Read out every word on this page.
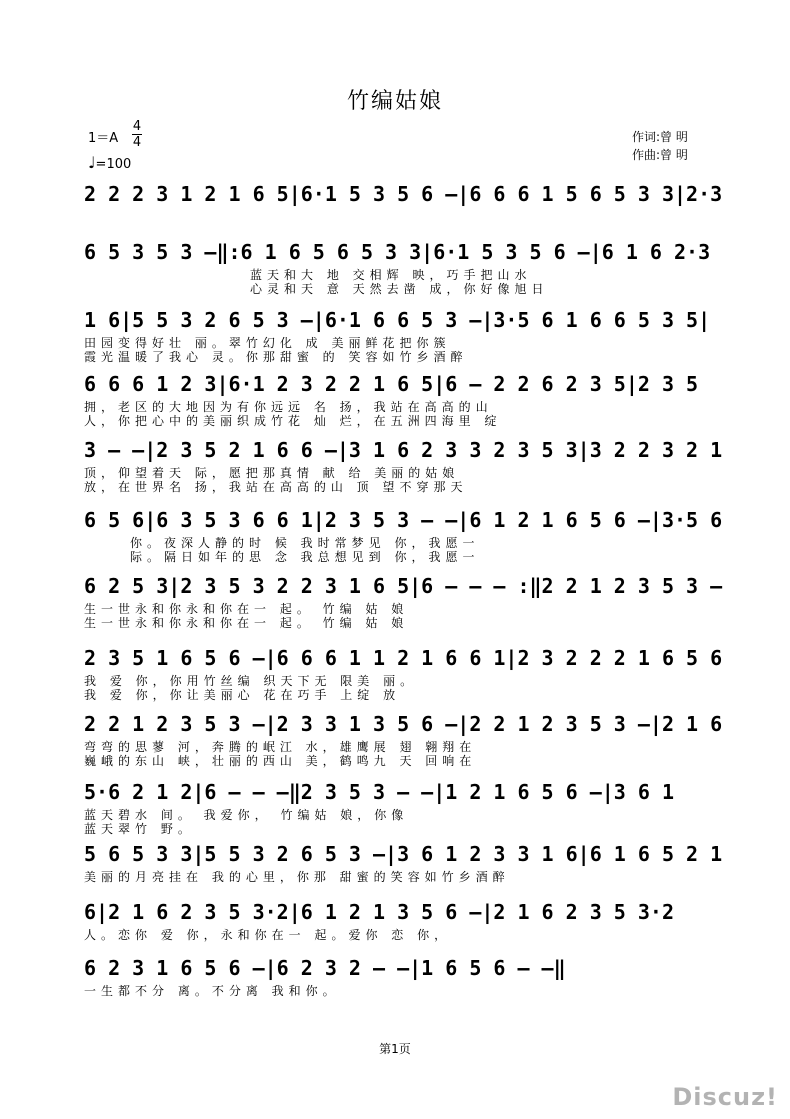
竹编姑娘
1＝A
4
4
♩=100
作词:曾 明
作曲:曾 明
2 2 2 3 1 2 1 6 5|6·1 5 3 5 6 –|6 6 6 1 5 6 5 3 3|2·3
6 5 3 5 3 –‖:6 1 6 5 6 5 3 3|6·1 5 3 5 6 –|6 1 6 2·3
蓝天和大 地 交相辉 映，巧手把山水
心灵和天 意 天然去凿 成，你好像旭日
1 6|5 5 3 2 6 5 3 –|6·1 6 6 5 3 –|3·5 6 1 6 6 5 3 5|
田园变得好壮 丽。翠竹幻化 成 美丽鲜花把你簇
霞光温暖了我心 灵。你那甜蜜 的 笑容如竹乡酒醉
6 6 6 1 2 3|6·1 2 3 2 2 1 6 5|6 – 2 2 6 2 3 5|2 3 5
拥，老区的大地因为有你远远 名 扬，我站在高高的山
人，你把心中的美丽织成竹花 灿 烂，在五洲四海里 绽
3 – –|2 3 5 2 1 6 6 –|3 1 6 2 3 3 2 3 5 3|3 2 2 3 2 1
顶，仰望着天 际，愿把那真情 献 给 美丽的姑娘
放，在世界名 扬，我站在高高的山 顶 望不穿那天
6 5 6|6 3 5 3 6 6 1|2 3 5 3 – –|6 1 2 1 6 5 6 –|3·5 6
你。夜深人静的时 候 我时常梦见 你，我愿一
际。隔日如年的思 念 我总想见到 你，我愿一
6 2 5 3|2 3 5 3 2 2 3 1 6 5|6 – – – :‖2 2 1 2 3 5 3 –
生一世永和你永和你在一 起。 竹编 姑 娘
生一世永和你永和你在一 起。 竹编 姑 娘
2 3 5 1 6 5 6 –|6 6 6 1 1 2 1 6 6 1|2 3 2 2 2 1 6 5 6
我 爱 你，你用竹丝编 织天下无 限美 丽。
我 爱 你，你让美丽心 花在巧手 上绽 放
2 2 1 2 3 5 3 –|2 3 3 1 3 5 6 –|2 2 1 2 3 5 3 –|2 1 6
弯弯的思蓼 河，奔腾的岷江 水，雄鹰展 翅 翱翔在
巍峨的东山 峡，壮丽的西山 美，鹤鸣九 天 回响在
5·6 2 1 2|6 – – –‖2 3 5 3 – –|1 2 1 6 5 6 –|3 6 1
蓝天碧水 间。 我爱你， 竹编姑 娘，你像
蓝天翠竹 野。
5 6 5 3 3|5 5 3 2 6 5 3 –|3 6 1 2 3 3 1 6|6 1 6 5 2 1
美丽的月亮挂在 我的心里，你那 甜蜜的笑容如竹乡酒醉
6|2 1 6 2 3 5 3·2|6 1 2 1 3 5 6 –|2 1 6 2 3 5 3·2
人。恋你 爱 你，永和你在一 起。爱你 恋 你，
6 2 3 1 6 5 6 –|6 2 3 2 – –|1 6 5 6 – –‖
一生都不分 离。不分离 我和你。
第1页
Discuz!
